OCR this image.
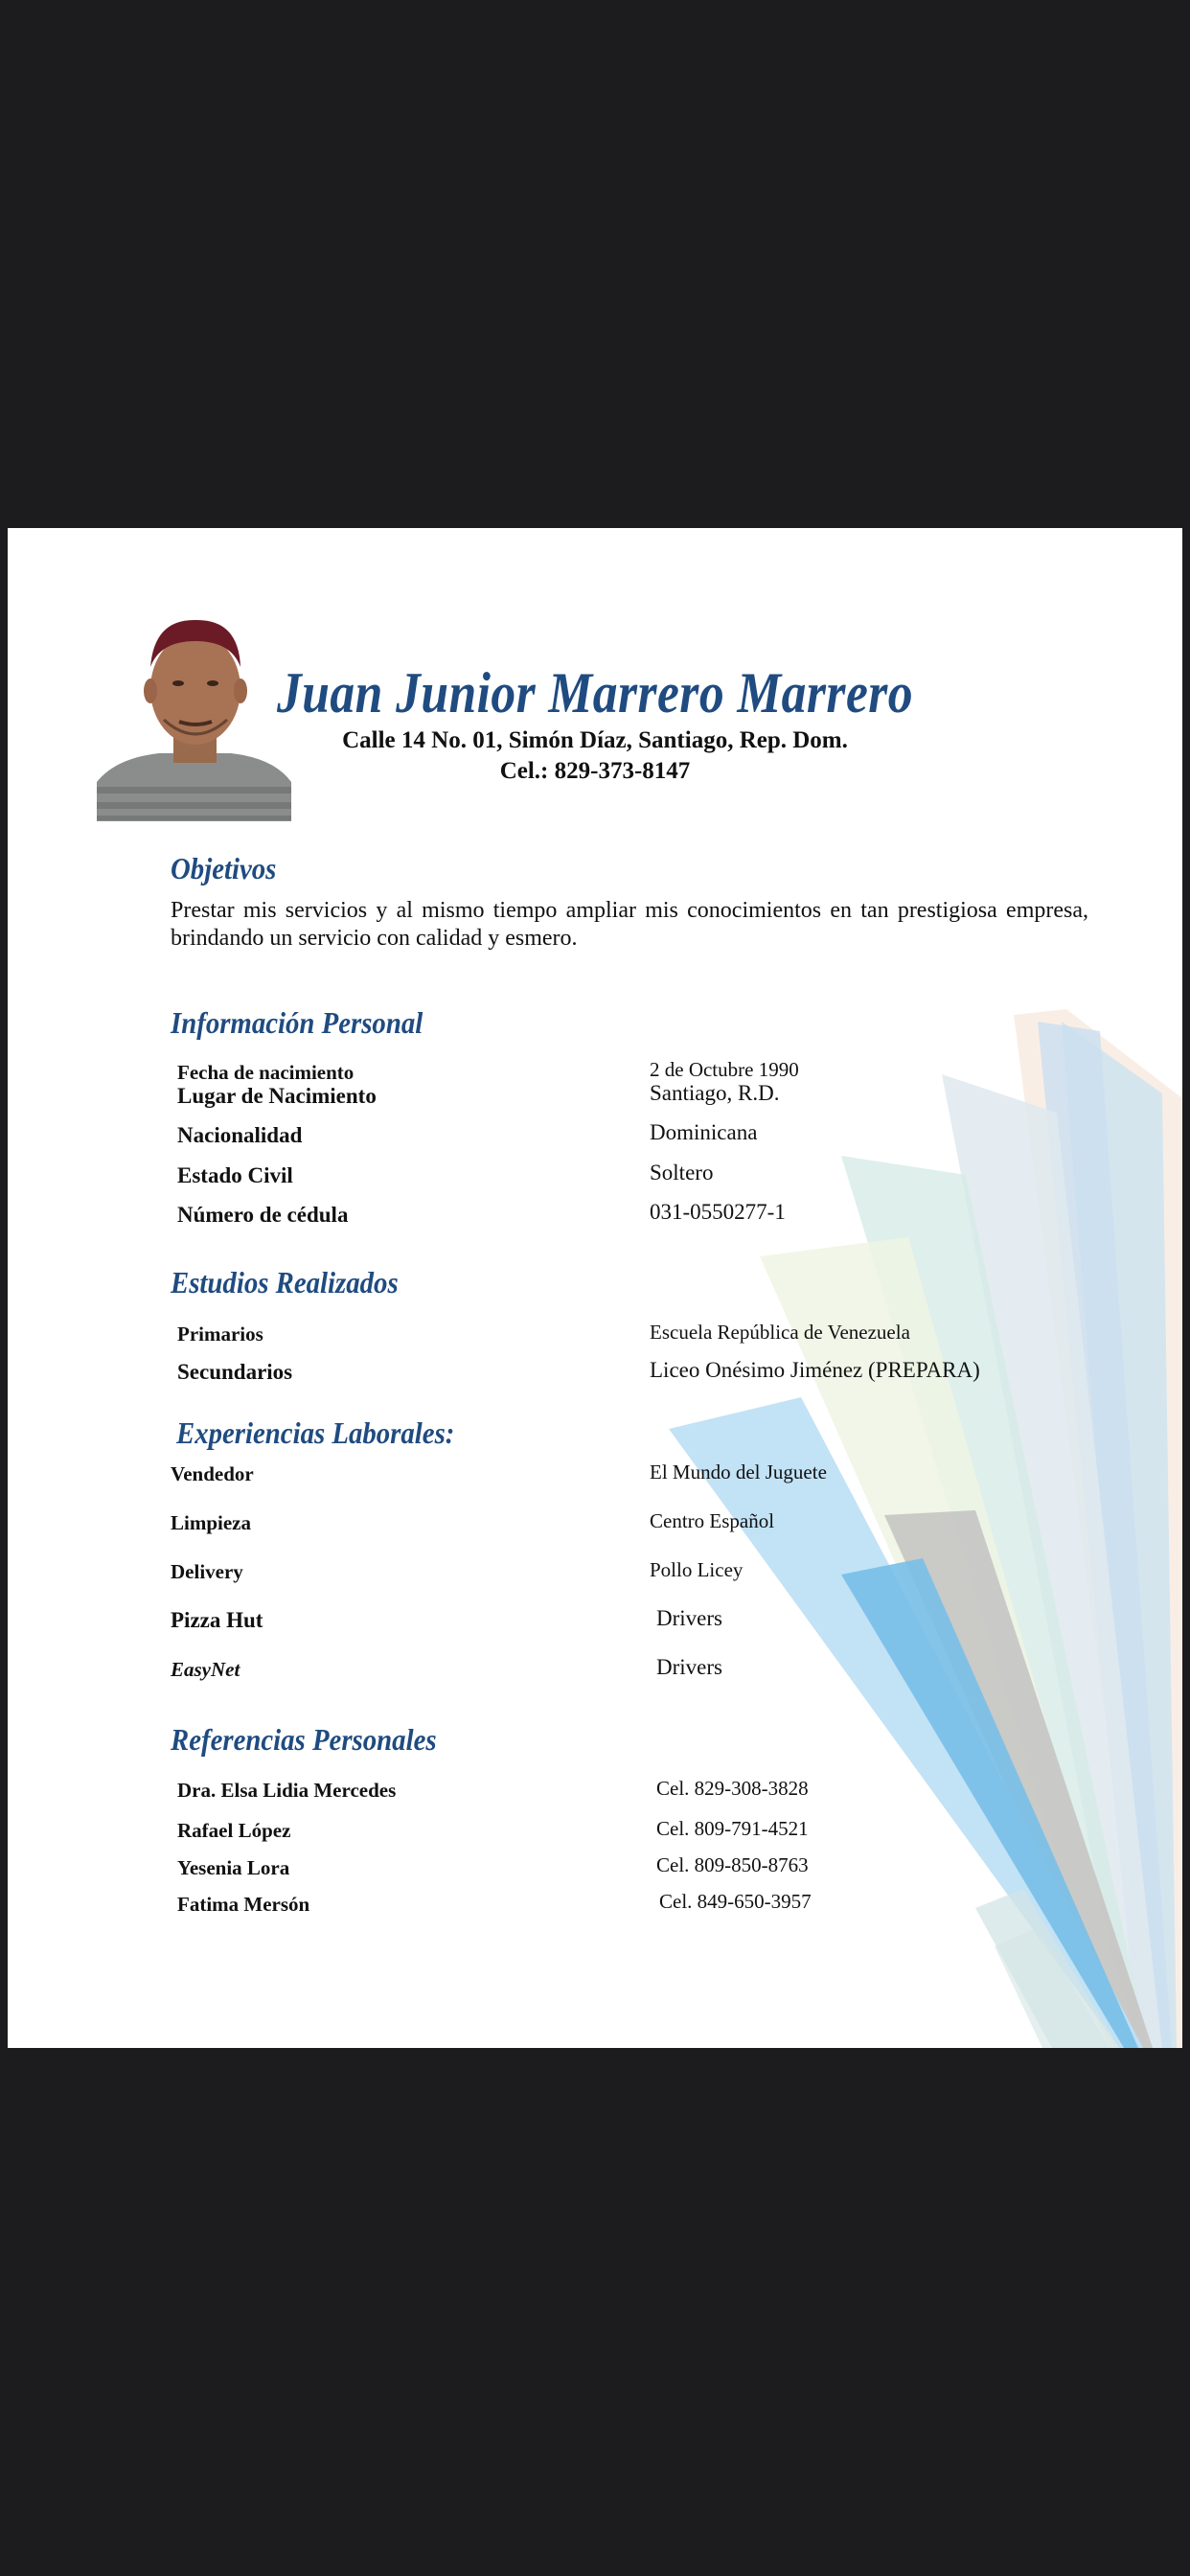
Juan Junior Marrero Marrero
Calle 14 No. 01, Simón Díaz, Santiago, Rep. Dom.
Cel.: 829-373-8147
Objetivos
Prestar mis servicios y al mismo tiempo ampliar mis conocimientos en tan prestigiosa empresa, brindando un servicio con calidad y esmero.
Información Personal
Fecha de nacimiento	2 de Octubre 1990
Lugar de Nacimiento	Santiago, R.D.
Nacionalidad	Dominicana
Estado Civil	Soltero
Número de cédula	031-0550277-1
Estudios Realizados
Primarios	Escuela República de Venezuela
Secundarios	Liceo Onésimo Jiménez (PREPARA)
Experiencias Laborales:
Vendedor	El Mundo del Juguete
Limpieza	Centro Español
Delivery	Pollo Licey
Pizza Hut	Drivers
EasyNet	Drivers
Referencias Personales
Dra. Elsa Lidia Mercedes	Cel. 829-308-3828
Rafael López	Cel. 809-791-4521
Yesenia Lora	Cel. 809-850-8763
Fatima Mersón	Cel. 849-650-3957
